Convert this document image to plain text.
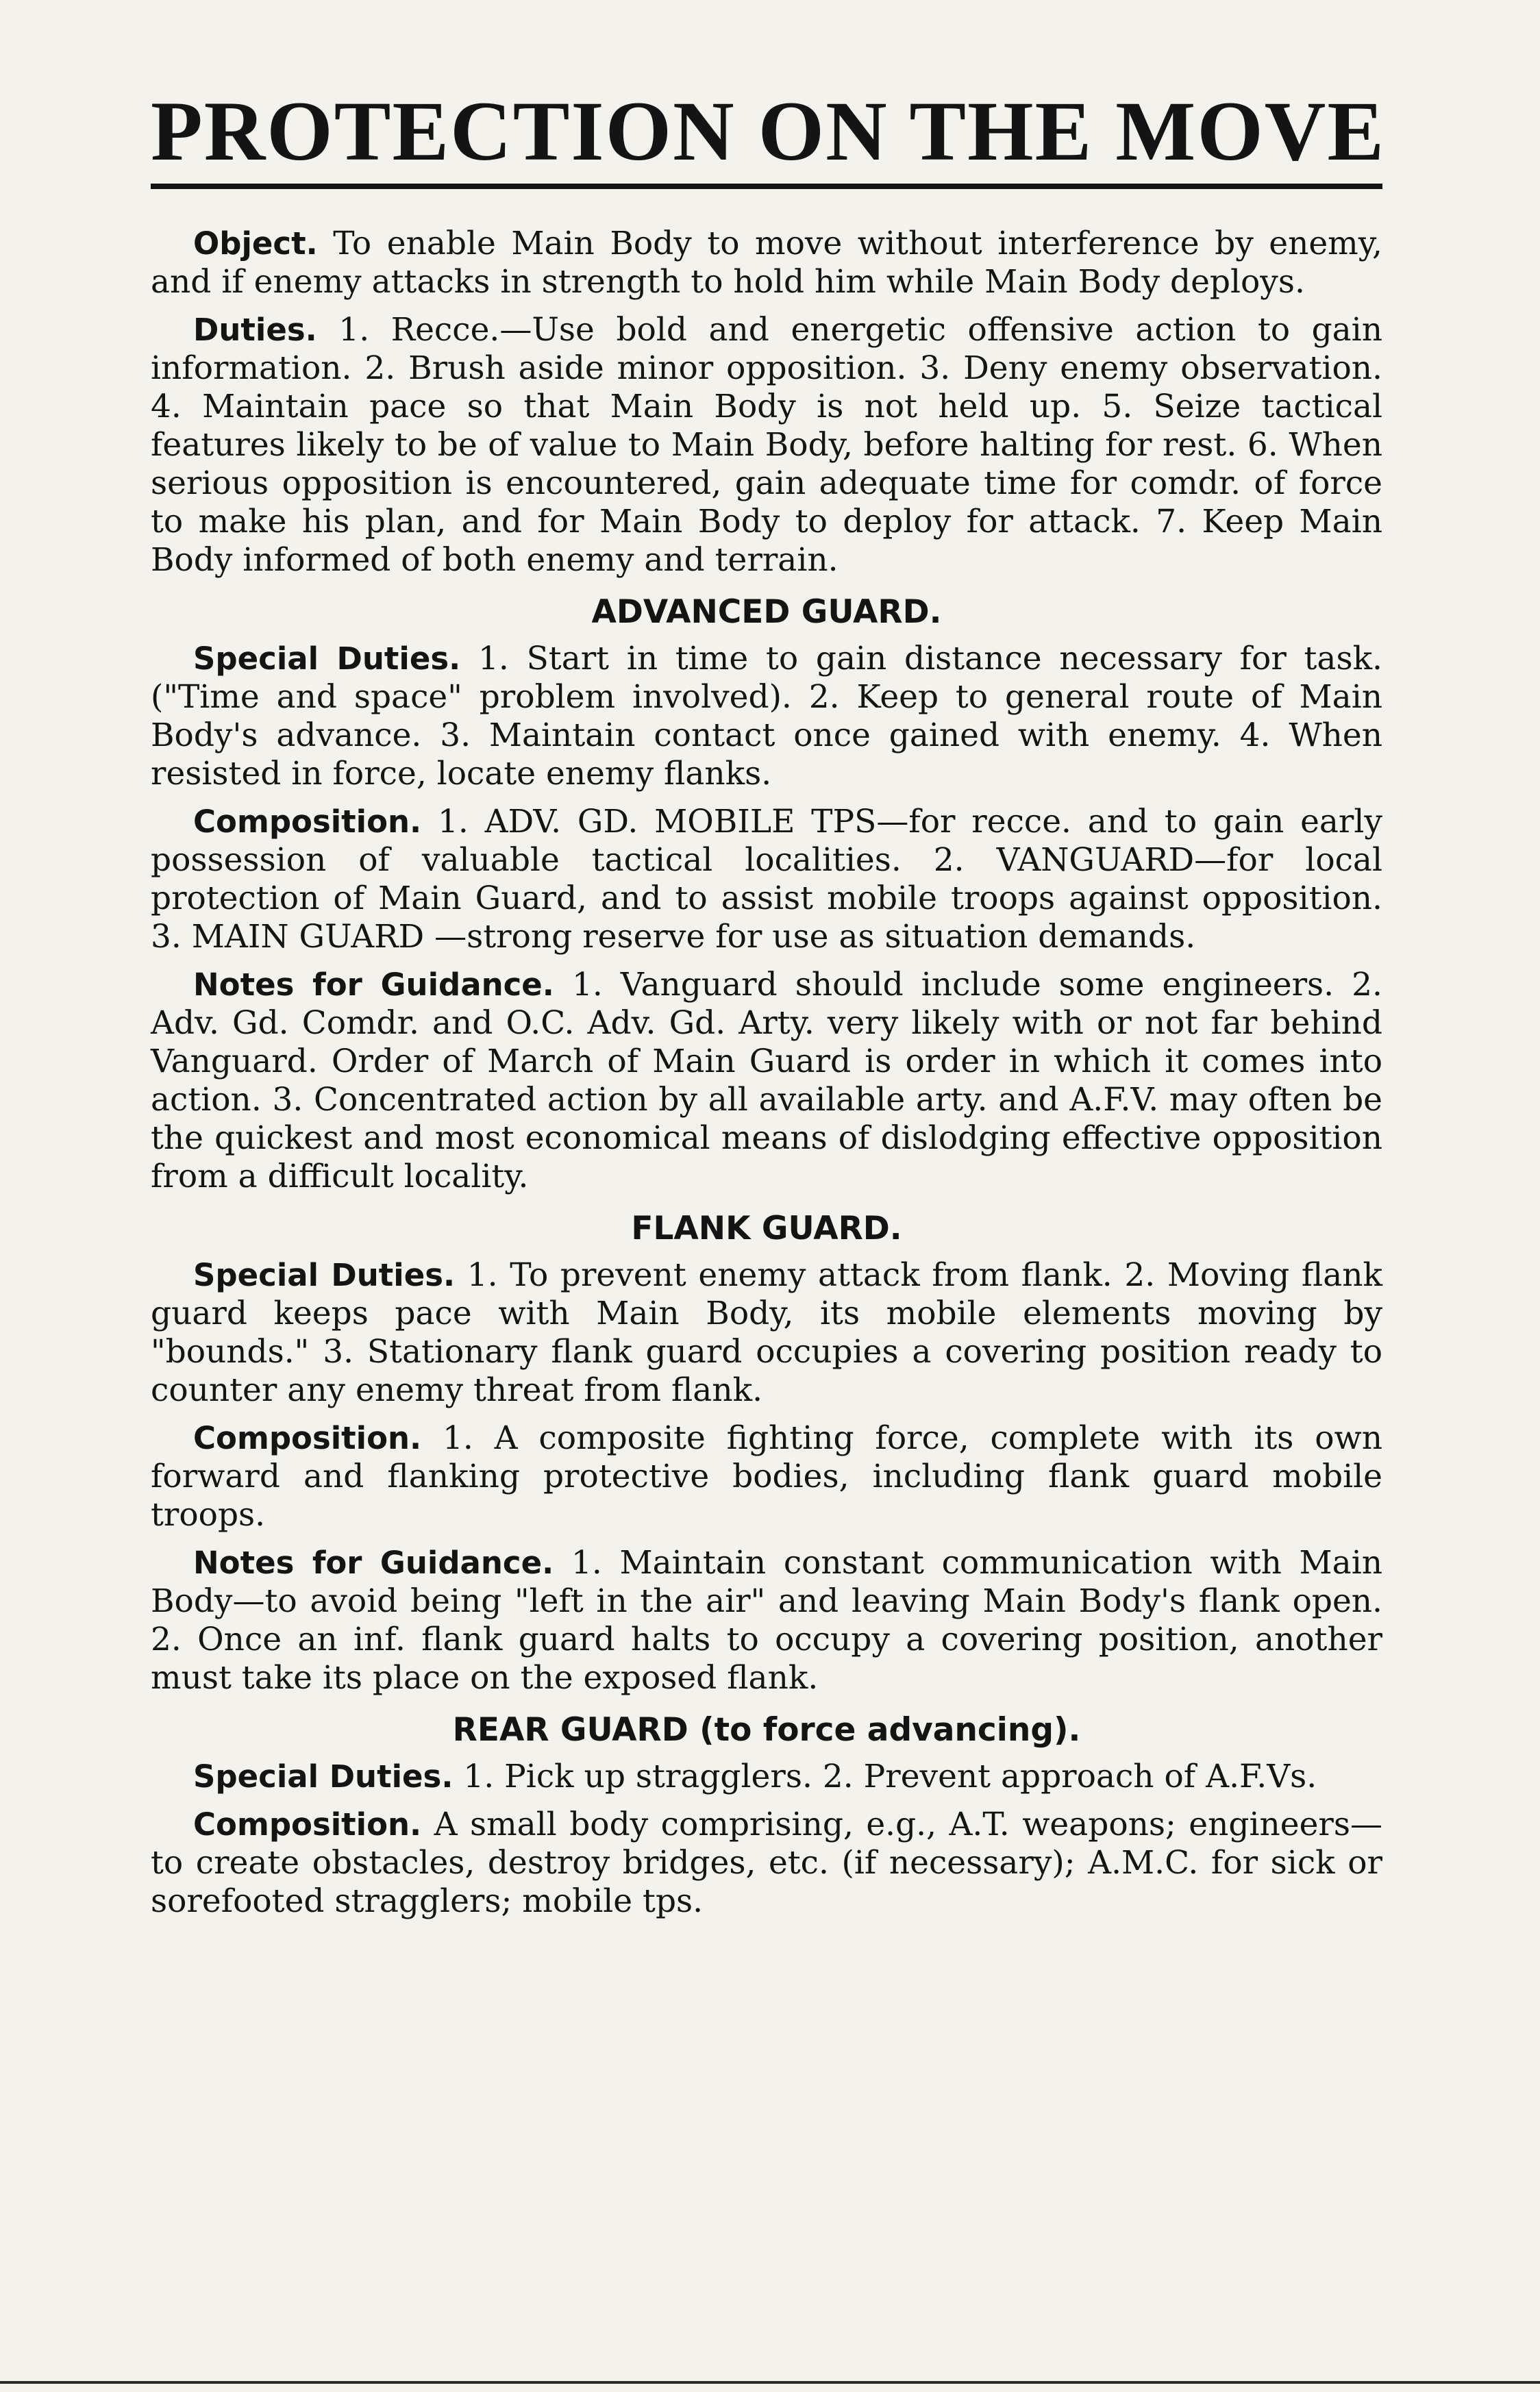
PROTECTION ON THE MOVE

Object. To enable Main Body to move without interference by enemy, and if enemy attacks in strength to hold him while Main Body deploys.

Duties. 1. Recce.—Use bold and energetic offensive action to gain information. 2. Brush aside minor opposition. 3. Deny enemy observation. 4. Maintain pace so that Main Body is not held up. 5. Seize tactical features likely to be of value to Main Body, before halting for rest. 6. When serious opposition is encountered, gain adequate time for comdr. of force to make his plan, and for Main Body to deploy for attack. 7. Keep Main Body informed of both enemy and terrain.

ADVANCED GUARD.

Special Duties. 1. Start in time to gain distance necessary for task. ("Time and space" problem involved). 2. Keep to general route of Main Body's advance. 3. Maintain contact once gained with enemy. 4. When resisted in force, locate enemy flanks.

Composition. 1. ADV. GD. MOBILE TPS—for recce. and to gain early possession of valuable tactical localities. 2. VANGUARD—for local protection of Main Guard, and to assist mobile troops against opposition. 3. MAIN GUARD —strong reserve for use as situation demands.

Notes for Guidance. 1. Vanguard should include some engineers. 2. Adv. Gd. Comdr. and O.C. Adv. Gd. Arty. very likely with or not far behind Vanguard. Order of March of Main Guard is order in which it comes into action. 3. Concentrated action by all available arty. and A.F.V. may often be the quickest and most economical means of dislodging effective opposition from a difficult locality.

FLANK GUARD.

Special Duties. 1. To prevent enemy attack from flank. 2. Moving flank guard keeps pace with Main Body, its mobile elements moving by "bounds." 3. Stationary flank guard occupies a covering position ready to counter any enemy threat from flank.

Composition. 1. A composite fighting force, complete with its own forward and flanking protective bodies, including flank guard mobile troops.

Notes for Guidance. 1. Maintain constant communication with Main Body—to avoid being "left in the air" and leaving Main Body's flank open. 2. Once an inf. flank guard halts to occupy a covering position, another must take its place on the exposed flank.

REAR GUARD (to force advancing).

Special Duties. 1. Pick up stragglers. 2. Prevent approach of A.F.Vs.

Composition. A small body comprising, e.g., A.T. weapons; engineers—to create obstacles, destroy bridges, etc. (if necessary); A.M.C. for sick or sorefooted stragglers; mobile tps.
